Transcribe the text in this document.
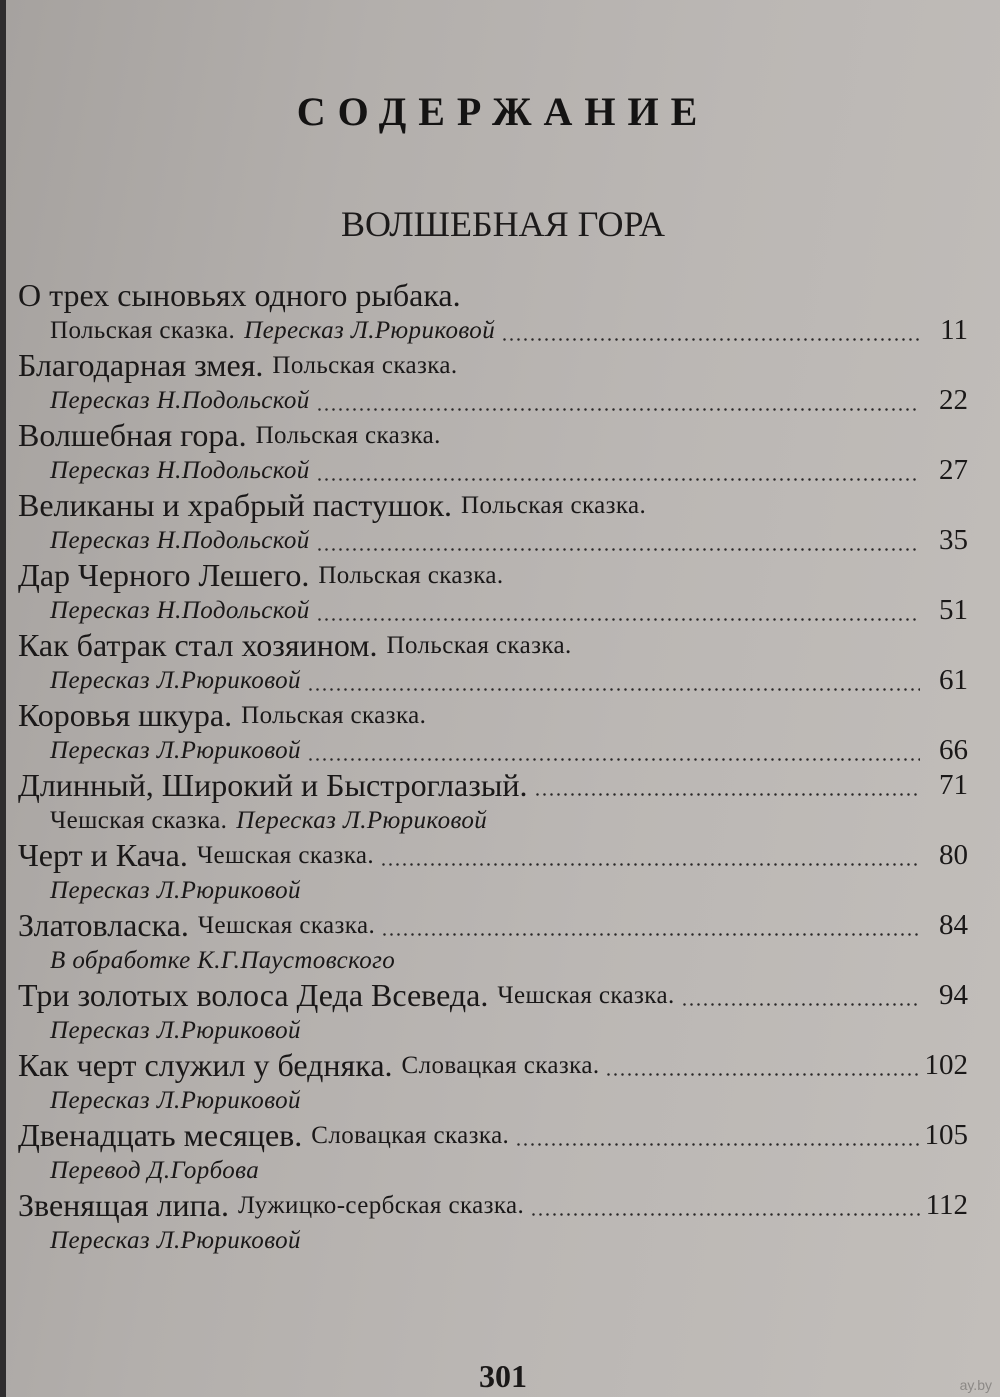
СОДЕРЖАНИЕ
ВОЛШЕБНАЯ ГОРА
О трех сыновьях одного рыбака.
Польская сказка. Пересказ Л.Рюриковой	11
Благодарная змея. Польская сказка.
Пересказ Н.Подольской	22
Волшебная гора. Польская сказка.
Пересказ Н.Подольской	27
Великаны и храбрый пастушок. Польская сказка.
Пересказ Н.Подольской	35
Дар Черного Лешего. Польская сказка.
Пересказ Н.Подольской	51
Как батрак стал хозяином. Польская сказка.
Пересказ Л.Рюриковой	61
Коровья шкура. Польская сказка.
Пересказ Л.Рюриковой	66
Длинный, Широкий и Быстроглазый.	71
Чешская сказка. Пересказ Л.Рюриковой
Черт и Кача. Чешская сказка.	80
Пересказ Л.Рюриковой
Златовласка. Чешская сказка.	84
В обработке К.Г.Паустовского
Три золотых волоса Деда Всеведа. Чешская сказка.	94
Пересказ Л.Рюриковой
Как черт служил у бедняка. Словацкая сказка.	102
Пересказ Л.Рюриковой
Двенадцать месяцев. Словацкая сказка.	105
Перевод Д.Горбова
Звенящая липа. Лужицко-сербская сказка.	112
Пересказ Л.Рюриковой
301	ay.by
